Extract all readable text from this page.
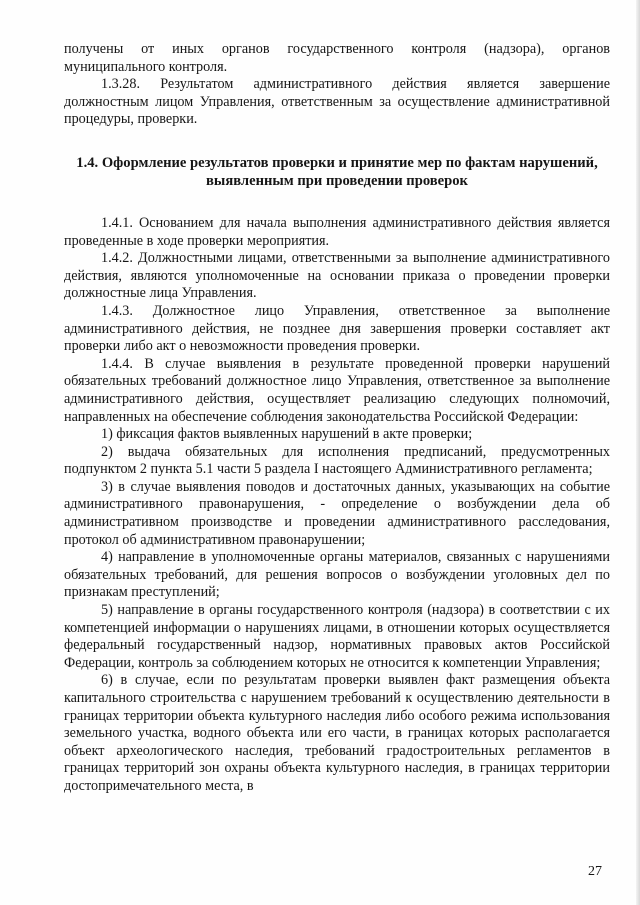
получены от иных органов государственного контроля (надзора), органов муниципального контроля.

1.3.28. Результатом административного действия является завершение должностным лицом Управления, ответственным за осуществление административной процедуры, проверки.

1.4. Оформление результатов проверки и принятие мер по фактам нарушений, выявленным при проведении проверок

1.4.1. Основанием для начала выполнения административного действия является проведенные в ходе проверки мероприятия.

1.4.2. Должностными лицами, ответственными за выполнение административного действия, являются уполномоченные на основании приказа о проведении проверки должностные лица Управления.

1.4.3. Должностное лицо Управления, ответственное за выполнение административного действия, не позднее дня завершения проверки составляет акт проверки либо акт о невозможности проведения проверки.

1.4.4. В случае выявления в результате проведенной проверки нарушений обязательных требований должностное лицо Управления, ответственное за выполнение административного действия, осуществляет реализацию следующих полномочий, направленных на обеспечение соблюдения законодательства Российской Федерации:

1) фиксация фактов выявленных нарушений в акте проверки;

2) выдача обязательных для исполнения предписаний, предусмотренных подпунктом 2 пункта 5.1 части 5 раздела I настоящего Административного регламента;

3) в случае выявления поводов и достаточных данных, указывающих на событие административного правонарушения, - определение о возбуждении дела об административном производстве и проведении административного расследования, протокол об административном правонарушении;

4) направление в уполномоченные органы материалов, связанных с нарушениями обязательных требований, для решения вопросов о возбуждении уголовных дел по признакам преступлений;

5) направление в органы государственного контроля (надзора) в соответствии с их компетенцией информации о нарушениях лицами, в отношении которых осуществляется федеральный государственный надзор, нормативных правовых актов Российской Федерации, контроль за соблюдением которых не относится к компетенции Управления;

6) в случае, если по результатам проверки выявлен факт размещения объекта капитального строительства с нарушением требований к осуществлению деятельности в границах территории объекта культурного наследия либо особого режима использования земельного участка, водного объекта или его части, в границах которых располагается объект археологического наследия, требований градостроительных регламентов в границах территорий зон охраны объекта культурного наследия, в границах территории достопримечательного места, в

27
